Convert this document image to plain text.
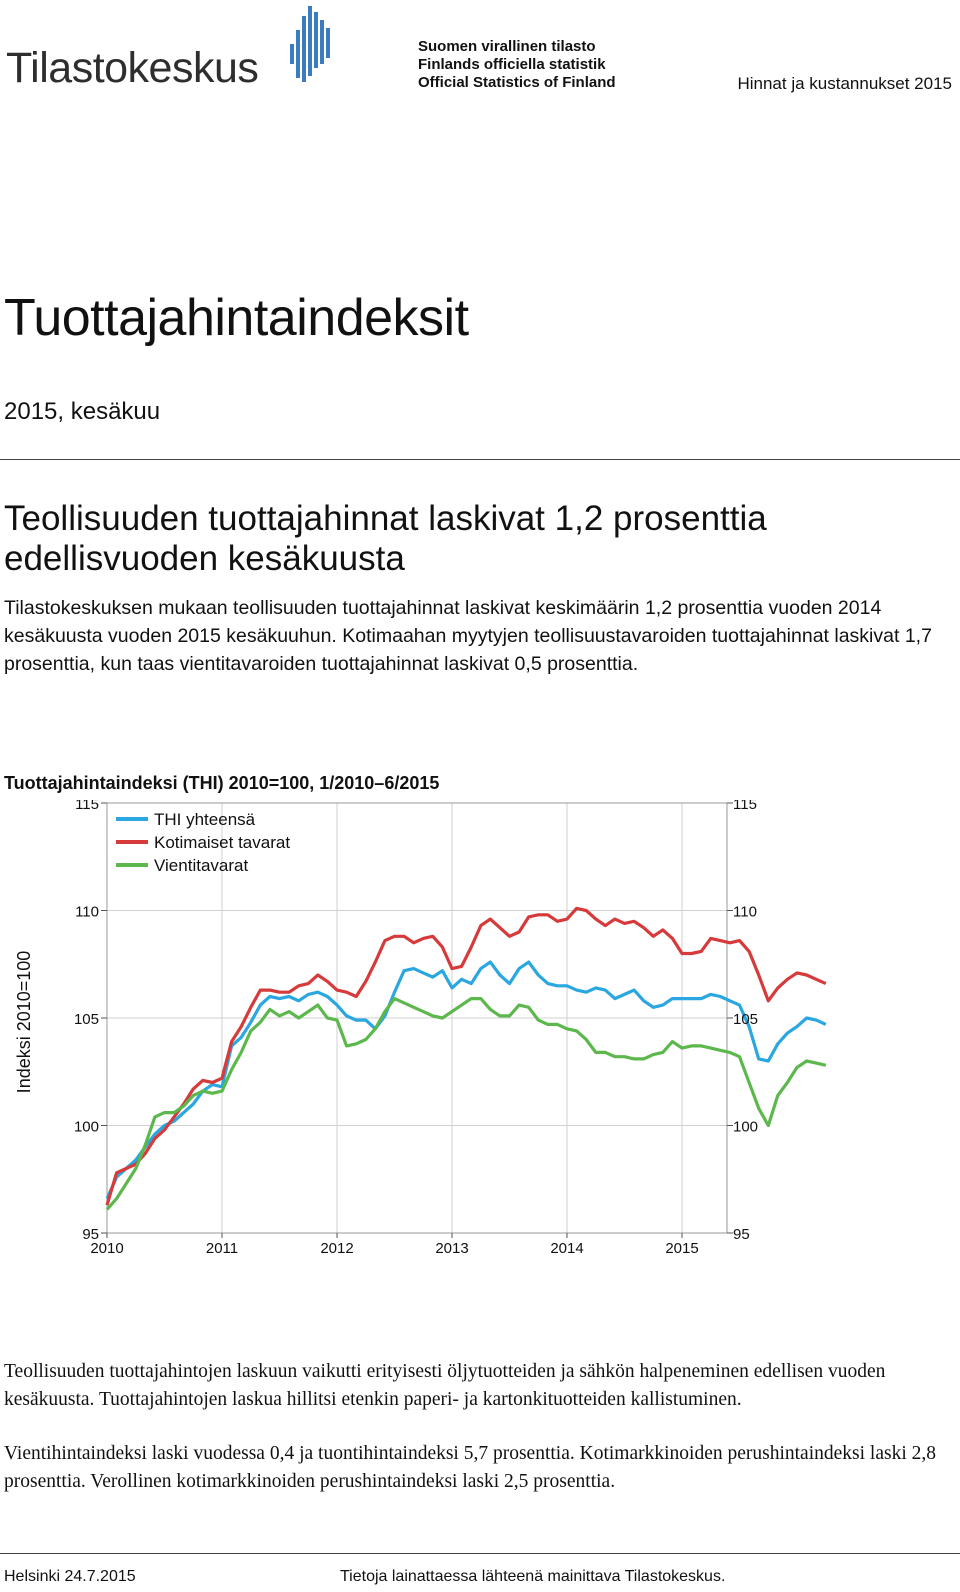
Tilastokeskus	Suomen virallinen tilasto
Finlands officiella statistik
Official Statistics of Finland	Hinnat ja kustannukset 2015
Tuottajahintaindeksit
2015, kesäkuu
Teollisuuden tuottajahinnat laskivat 1,2 prosenttia edellisvuoden kesäkuusta
Tilastokeskuksen mukaan teollisuuden tuottajahinnat laskivat keskimäärin 1,2 prosenttia vuoden 2014 kesäkuusta vuoden 2015 kesäkuuhun. Kotimaahan myytyjen teollisuustavaroiden tuottajahinnat laskivat 1,7 prosenttia, kun taas vientitavaroiden tuottajahinnat laskivat 0,5 prosenttia.
Tuottajahintaindeksi (THI) 2010=100, 1/2010–6/2015
95	95
100	100
105	105
110	110
115	115
2010	2011	2012	2013	2014	2015
THI yhteensä
Kotimaiset tavarat
Vientitavarat
Indeksi 2010=100
Teollisuuden tuottajahintojen laskuun vaikutti erityisesti öljytuotteiden ja sähkön halpeneminen edellisen vuoden kesäkuusta. Tuottajahintojen laskua hillitsi etenkin paperi- ja kartonkituotteiden kallistuminen.
Vientihintaindeksi laski vuodessa 0,4 ja tuontihintaindeksi 5,7 prosenttia. Kotimarkkinoiden perushintaindeksi laski 2,8 prosenttia. Verollinen kotimarkkinoiden perushintaindeksi laski 2,5 prosenttia.
Helsinki 24.7.2015	Tietoja lainattaessa lähteenä mainittava Tilastokeskus.
